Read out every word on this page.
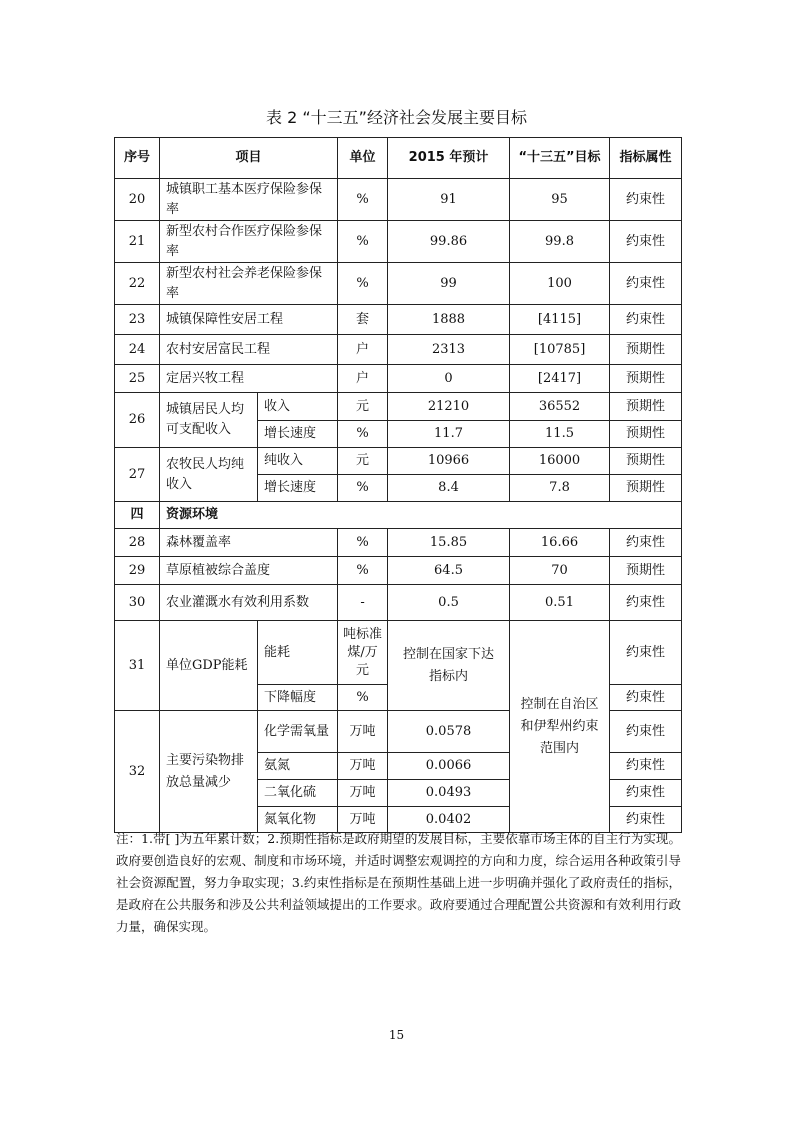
表 2 “十三五”经济社会发展主要目标
序号	项目		单位	2015 年预计	“十三五”目标	指标属性
20	城镇职工基本医疗保险参保率		%	91	95	约束性
21	新型农村合作医疗保险参保率		%	99.86	99.8	约束性
22	新型农村社会养老保险参保率		%	99	100	约束性
23	城镇保障性安居工程		套	1888	[4115]	约束性
24	农村安居富民工程		户	2313	[10785]	预期性
25	定居兴牧工程		户	0	[2417]	预期性
26	城镇居民人均可支配收入	收入	元	21210	36552	预期性
		增长速度	%	11.7	11.5	预期性
27	农牧民人均纯收入	纯收入	元	10966	16000	预期性
		增长速度	%	8.4	7.8	预期性
四	资源环境					
28	森林覆盖率		%	15.85	16.66	约束性
29	草原植被综合盖度		%	64.5	70	预期性
30	农业灌溉水有效利用系数		-	0.5	0.51	约束性
31	单位GDP能耗	能耗	吨标准煤/万元	控制在国家下达指标内	控制在自治区和伊犁州约束范围内	约束性
		下降幅度	%			约束性
32	主要污染物排放总量减少	化学需氧量	万吨	0.0578		约束性
		氨氮	万吨	0.0066		约束性
		二氧化硫	万吨	0.0493		约束性
		氮氧化物	万吨	0.0402		约束性
注：1.带[ ]为五年累计数；2.预期性指标是政府期望的发展目标，主要依靠市场主体的自主行为实现。政府要创造良好的宏观、制度和市场环境，并适时调整宏观调控的方向和力度，综合运用各种政策引导社会资源配置，努力争取实现；3.约束性指标是在预期性基础上进一步明确并强化了政府责任的指标，是政府在公共服务和涉及公共利益领域提出的工作要求。政府要通过合理配置公共资源和有效利用行政力量，确保实现。
15
